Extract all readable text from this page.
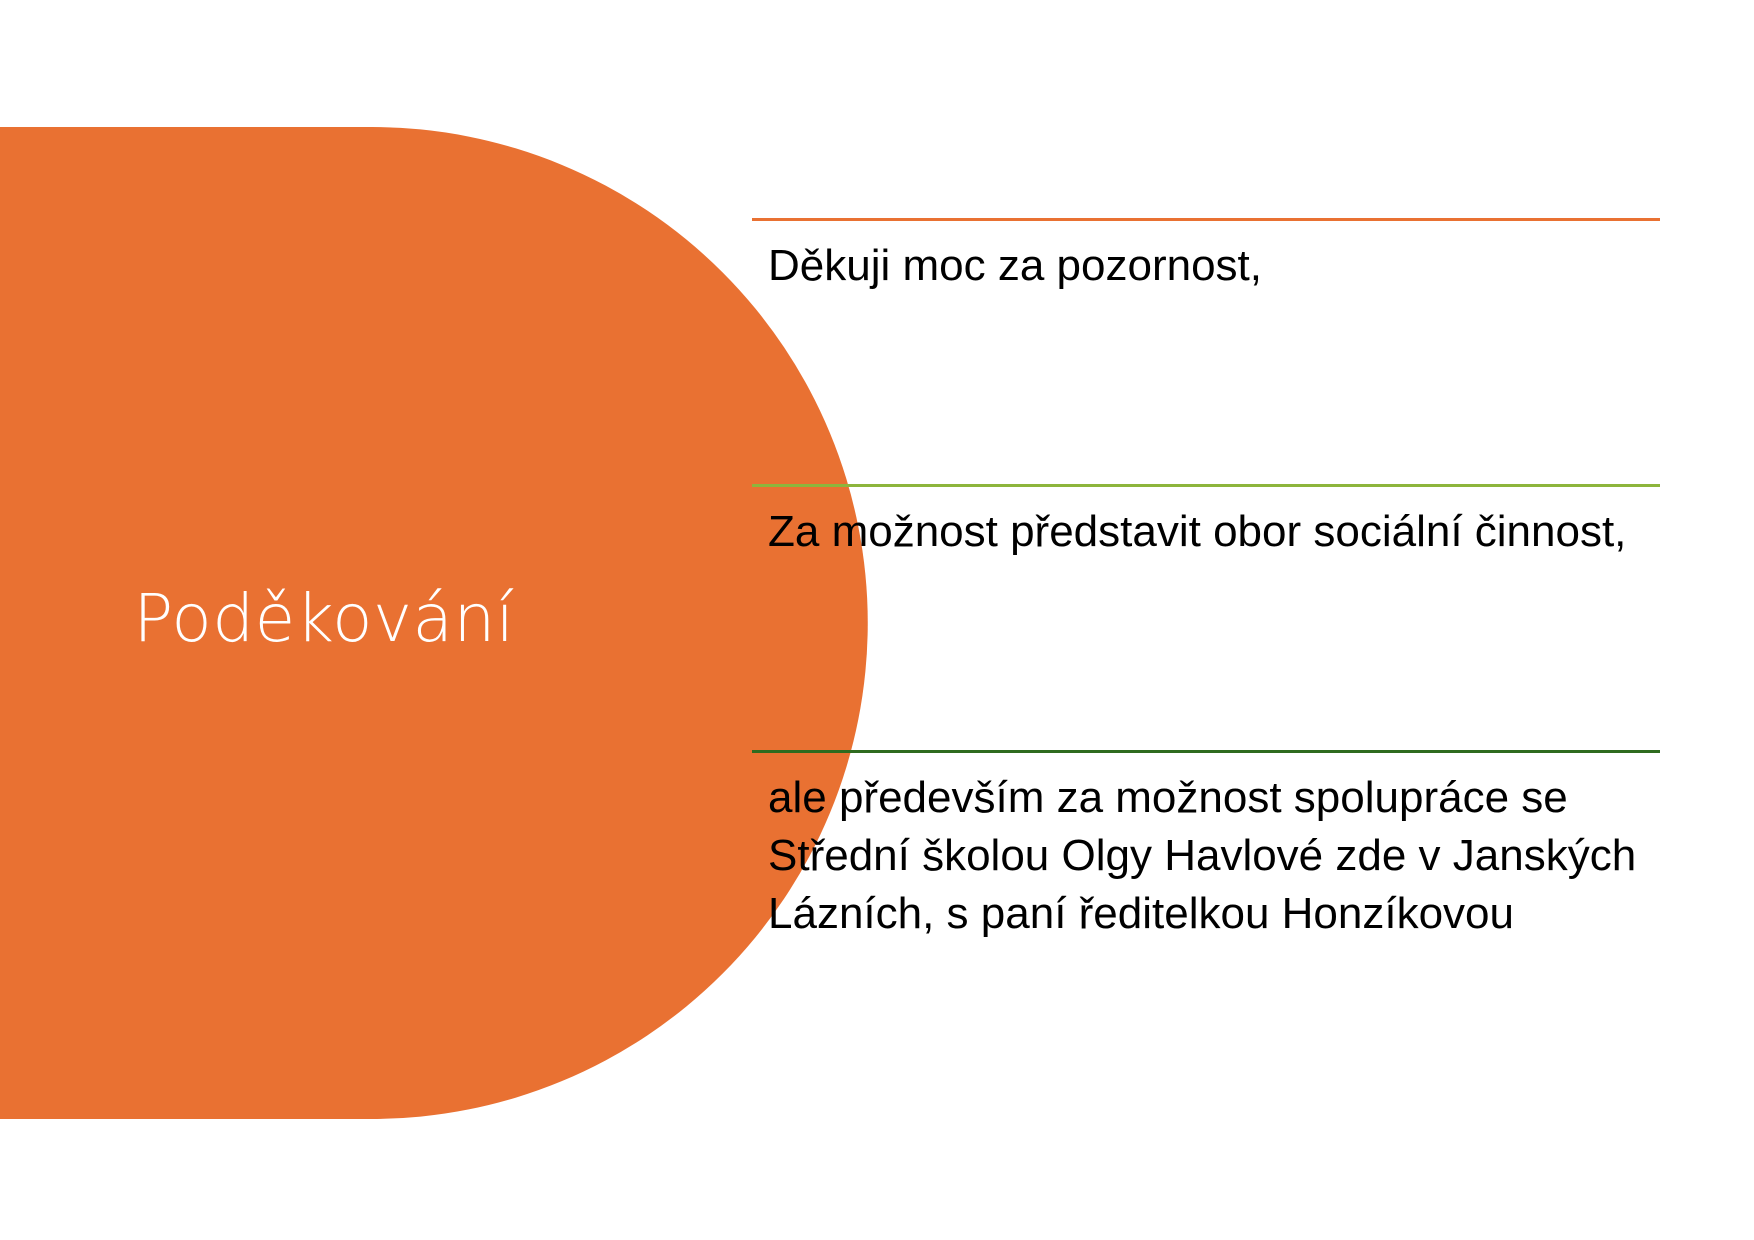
Poděkování
Děkuji moc za pozornost,
Za možnost představit obor sociální činnost,
ale především za možnost spolupráce se Střední školou Olgy Havlové zde v Janských Lázních, s paní ředitelkou Honzíkovou
